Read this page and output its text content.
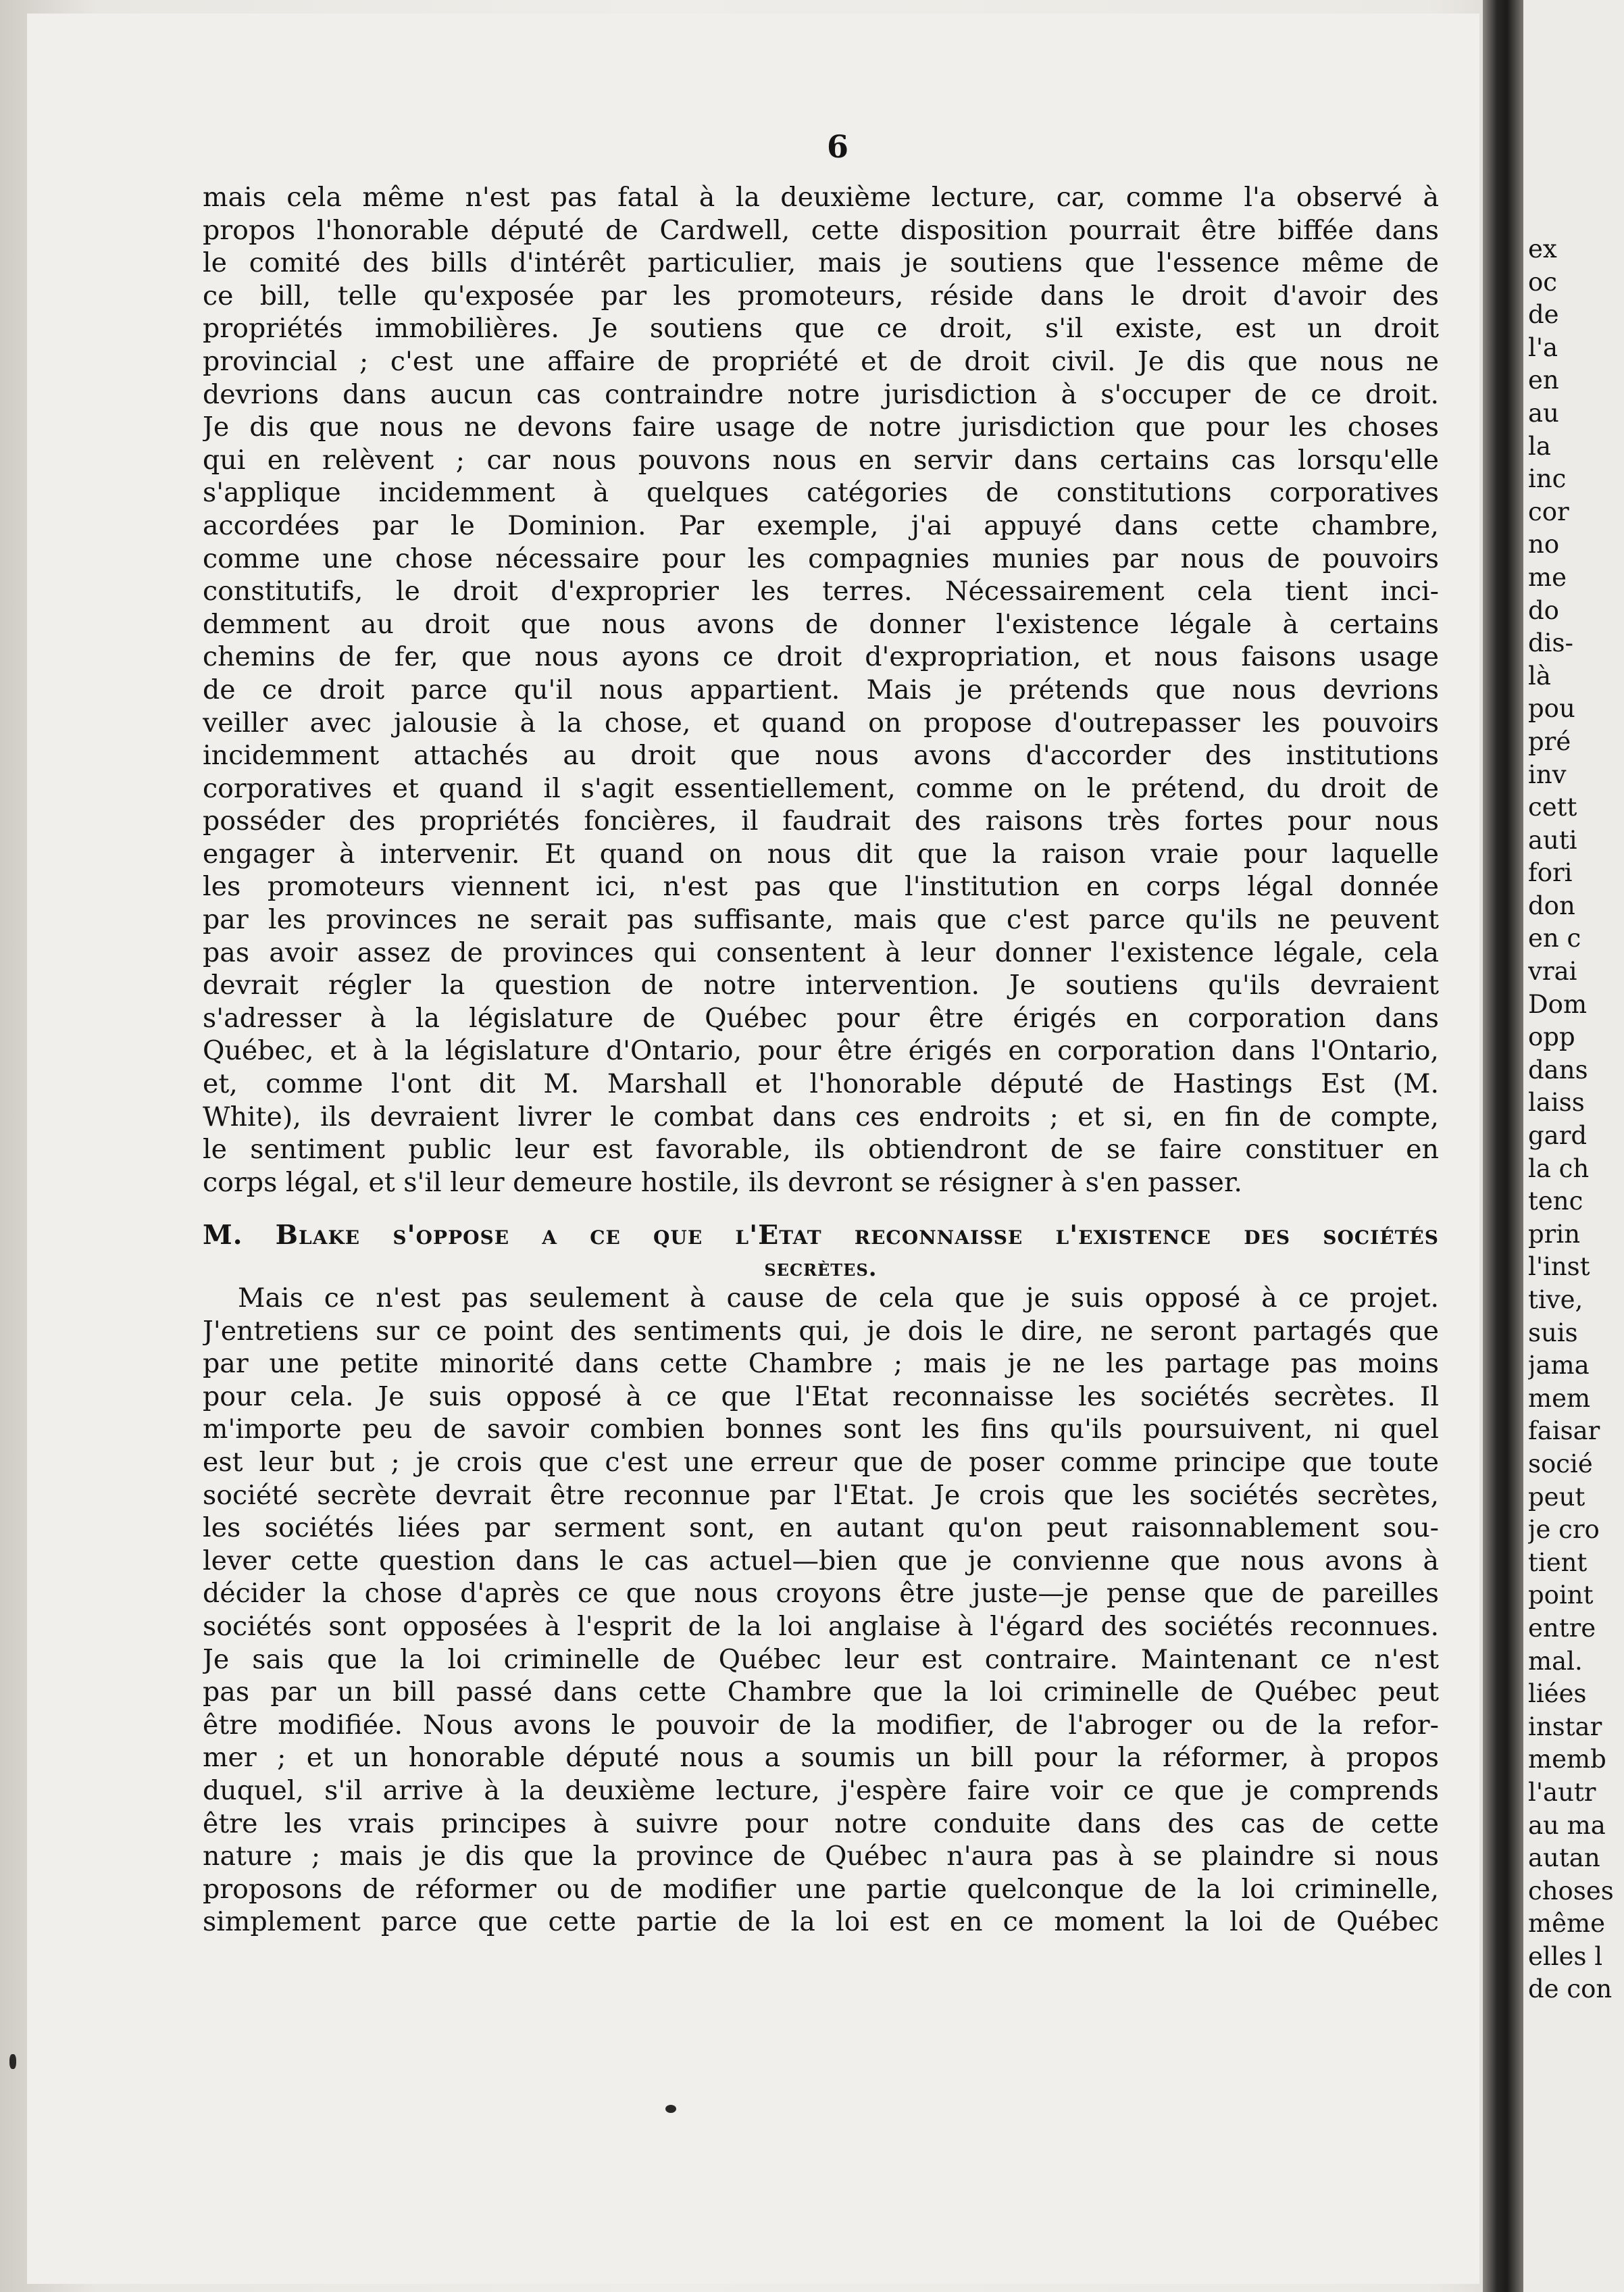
6
mais cela même n'est pas fatal à la deuxième lecture, car, comme l'a observé à
propos l'honorable député de Cardwell, cette disposition pourrait être biffée dans
le comité des bills d'intérêt particulier, mais je soutiens que l'essence même de
ce bill, telle qu'exposée par les promoteurs, réside dans le droit d'avoir des
propriétés immobilières. Je soutiens que ce droit, s'il existe, est un droit
provincial ; c'est une affaire de propriété et de droit civil. Je dis que nous ne
devrions dans aucun cas contraindre notre jurisdiction à s'occuper de ce droit.
Je dis que nous ne devons faire usage de notre jurisdiction que pour les choses
qui en relèvent ; car nous pouvons nous en servir dans certains cas lorsqu'elle
s'applique incidemment à quelques catégories de constitutions corporatives
accordées par le Dominion. Par exemple, j'ai appuyé dans cette chambre,
comme une chose nécessaire pour les compagnies munies par nous de pouvoirs
constitutifs, le droit d'exproprier les terres. Nécessairement cela tient inci-
demment au droit que nous avons de donner l'existence légale à certains
chemins de fer, que nous ayons ce droit d'expropriation, et nous faisons usage
de ce droit parce qu'il nous appartient. Mais je prétends que nous devrions
veiller avec jalousie à la chose, et quand on propose d'outrepasser les pouvoirs
incidemment attachés au droit que nous avons d'accorder des institutions
corporatives et quand il s'agit essentiellement, comme on le prétend, du droit de
posséder des propriétés foncières, il faudrait des raisons très fortes pour nous
engager à intervenir. Et quand on nous dit que la raison vraie pour laquelle
les promoteurs viennent ici, n'est pas que l'institution en corps légal donnée
par les provinces ne serait pas suffisante, mais que c'est parce qu'ils ne peuvent
pas avoir assez de provinces qui consentent à leur donner l'existence légale, cela
devrait régler la question de notre intervention. Je soutiens qu'ils devraient
s'adresser à la législature de Québec pour être érigés en corporation dans
Québec, et à la législature d'Ontario, pour être érigés en corporation dans l'Ontario,
et, comme l'ont dit M. Marshall et l'honorable député de Hastings Est (M.
White), ils devraient livrer le combat dans ces endroits ; et si, en fin de compte,
le sentiment public leur est favorable, ils obtiendront de se faire constituer en
corps légal, et s'il leur demeure hostile, ils devront se résigner à s'en passer.
M. Blake s'oppose a ce que l'Etat reconnaisse l'existence des sociétés
secrètes.
Mais ce n'est pas seulement à cause de cela que je suis opposé à ce projet.
J'entretiens sur ce point des sentiments qui, je dois le dire, ne seront partagés que
par une petite minorité dans cette Chambre ; mais je ne les partage pas moins
pour cela. Je suis opposé à ce que l'Etat reconnaisse les sociétés secrètes. Il
m'importe peu de savoir combien bonnes sont les fins qu'ils poursuivent, ni quel
est leur but ; je crois que c'est une erreur que de poser comme principe que toute
société secrète devrait être reconnue par l'Etat. Je crois que les sociétés secrètes,
les sociétés liées par serment sont, en autant qu'on peut raisonnablement sou-
lever cette question dans le cas actuel—bien que je convienne que nous avons à
décider la chose d'après ce que nous croyons être juste—je pense que de pareilles
sociétés sont opposées à l'esprit de la loi anglaise à l'égard des sociétés reconnues.
Je sais que la loi criminelle de Québec leur est contraire. Maintenant ce n'est
pas par un bill passé dans cette Chambre que la loi criminelle de Québec peut
être modifiée. Nous avons le pouvoir de la modifier, de l'abroger ou de la refor-
mer ; et un honorable député nous a soumis un bill pour la réformer, à propos
duquel, s'il arrive à la deuxième lecture, j'espère faire voir ce que je comprends
être les vrais principes à suivre pour notre conduite dans des cas de cette
nature ; mais je dis que la province de Québec n'aura pas à se plaindre si nous
proposons de réformer ou de modifier une partie quelconque de la loi criminelle,
simplement parce que cette partie de la loi est en ce moment la loi de Québec
ex
oc
de
l'a
en
au
la
inc
cor
no
me
do
dis-
là
pou
pré
inv
cett
auti
fori
don
en c
vrai
Dom
opp
dans
laiss
gard
la ch
tenc
prin
l'inst
tive,
suis
jama
mem
faisar
socié
peut
je cro
tient
point
entre
mal.
liées
instar
memb
l'autr
au ma
autan
choses
même
elles l
de con
